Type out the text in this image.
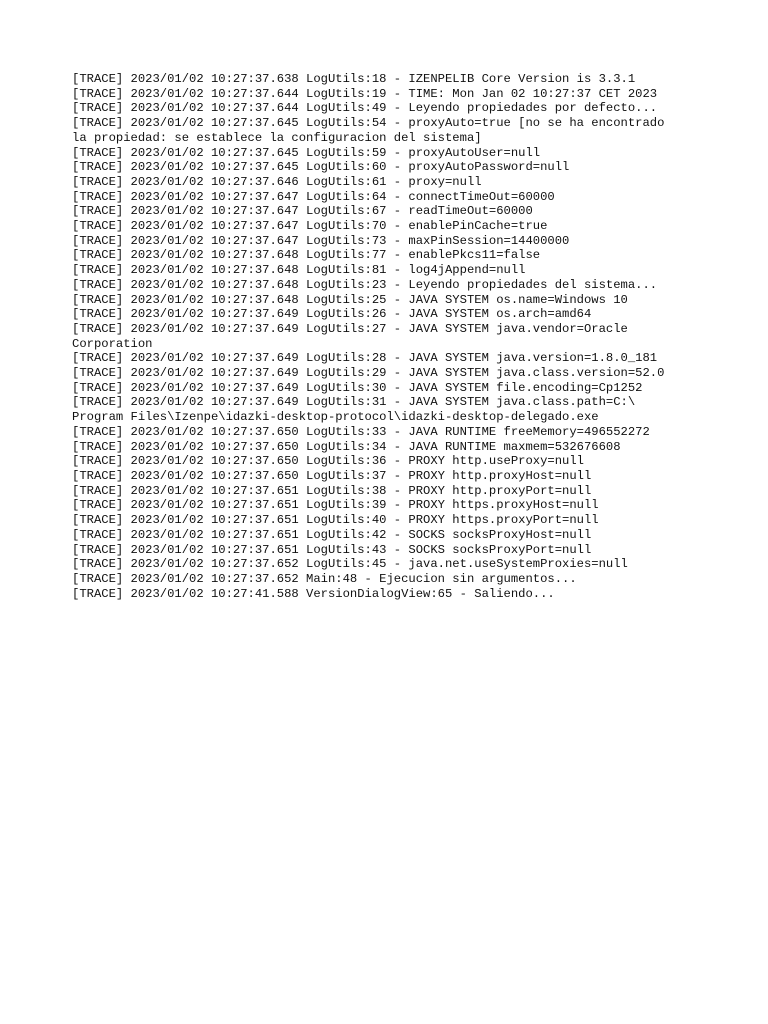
[TRACE] 2023/01/02 10:27:37.638 LogUtils:18 - IZENPELIB Core Version is 3.3.1
[TRACE] 2023/01/02 10:27:37.644 LogUtils:19 - TIME: Mon Jan 02 10:27:37 CET 2023
[TRACE] 2023/01/02 10:27:37.644 LogUtils:49 - Leyendo propiedades por defecto...
[TRACE] 2023/01/02 10:27:37.645 LogUtils:54 - proxyAuto=true [no se ha encontrado
la propiedad: se establece la configuracion del sistema]
[TRACE] 2023/01/02 10:27:37.645 LogUtils:59 - proxyAutoUser=null
[TRACE] 2023/01/02 10:27:37.645 LogUtils:60 - proxyAutoPassword=null
[TRACE] 2023/01/02 10:27:37.646 LogUtils:61 - proxy=null
[TRACE] 2023/01/02 10:27:37.647 LogUtils:64 - connectTimeOut=60000
[TRACE] 2023/01/02 10:27:37.647 LogUtils:67 - readTimeOut=60000
[TRACE] 2023/01/02 10:27:37.647 LogUtils:70 - enablePinCache=true
[TRACE] 2023/01/02 10:27:37.647 LogUtils:73 - maxPinSession=14400000
[TRACE] 2023/01/02 10:27:37.648 LogUtils:77 - enablePkcs11=false
[TRACE] 2023/01/02 10:27:37.648 LogUtils:81 - log4jAppend=null
[TRACE] 2023/01/02 10:27:37.648 LogUtils:23 - Leyendo propiedades del sistema...
[TRACE] 2023/01/02 10:27:37.648 LogUtils:25 - JAVA SYSTEM os.name=Windows 10
[TRACE] 2023/01/02 10:27:37.649 LogUtils:26 - JAVA SYSTEM os.arch=amd64
[TRACE] 2023/01/02 10:27:37.649 LogUtils:27 - JAVA SYSTEM java.vendor=Oracle
Corporation
[TRACE] 2023/01/02 10:27:37.649 LogUtils:28 - JAVA SYSTEM java.version=1.8.0_181
[TRACE] 2023/01/02 10:27:37.649 LogUtils:29 - JAVA SYSTEM java.class.version=52.0
[TRACE] 2023/01/02 10:27:37.649 LogUtils:30 - JAVA SYSTEM file.encoding=Cp1252
[TRACE] 2023/01/02 10:27:37.649 LogUtils:31 - JAVA SYSTEM java.class.path=C:\
Program Files\Izenpe\idazki-desktop-protocol\idazki-desktop-delegado.exe
[TRACE] 2023/01/02 10:27:37.650 LogUtils:33 - JAVA RUNTIME freeMemory=496552272
[TRACE] 2023/01/02 10:27:37.650 LogUtils:34 - JAVA RUNTIME maxmem=532676608
[TRACE] 2023/01/02 10:27:37.650 LogUtils:36 - PROXY http.useProxy=null
[TRACE] 2023/01/02 10:27:37.650 LogUtils:37 - PROXY http.proxyHost=null
[TRACE] 2023/01/02 10:27:37.651 LogUtils:38 - PROXY http.proxyPort=null
[TRACE] 2023/01/02 10:27:37.651 LogUtils:39 - PROXY https.proxyHost=null
[TRACE] 2023/01/02 10:27:37.651 LogUtils:40 - PROXY https.proxyPort=null
[TRACE] 2023/01/02 10:27:37.651 LogUtils:42 - SOCKS socksProxyHost=null
[TRACE] 2023/01/02 10:27:37.651 LogUtils:43 - SOCKS socksProxyPort=null
[TRACE] 2023/01/02 10:27:37.652 LogUtils:45 - java.net.useSystemProxies=null
[TRACE] 2023/01/02 10:27:37.652 Main:48 - Ejecucion sin argumentos...
[TRACE] 2023/01/02 10:27:41.588 VersionDialogView:65 - Saliendo...
